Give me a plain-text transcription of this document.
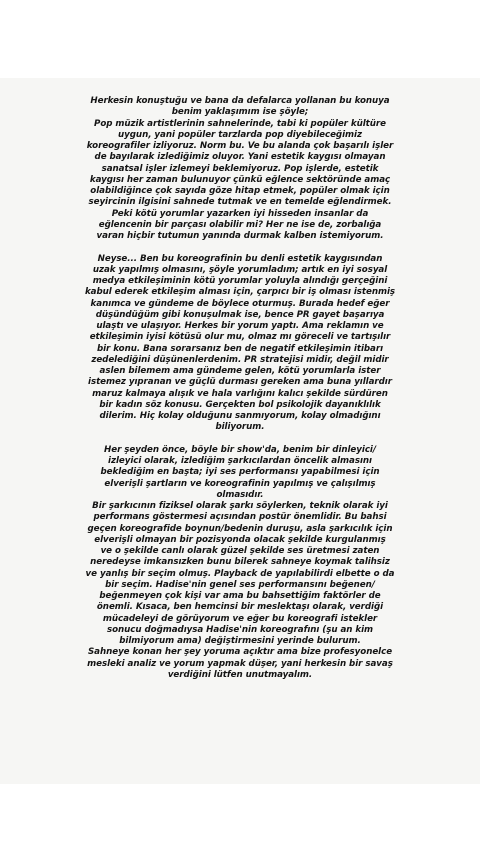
Herkesin konuştuğu ve bana da defalarca yollanan bu konuya
benim yaklaşımım ise şöyle;
Pop müzik artistlerinin sahnelerinde, tabi ki popüler kültüre
uygun, yani popüler tarzlarda pop diyebileceğimiz
koreografiler izliyoruz. Norm bu. Ve bu alanda çok başarılı işler
de bayılarak izlediğimiz oluyor. Yani estetik kaygısı olmayan
sanatsal işler izlemeyi beklemiyoruz. Pop işlerde, estetik
kaygısı her zaman bulunuyor çünkü eğlence sektöründe amaç
olabildiğince çok sayıda göze hitap etmek, popüler olmak için
seyircinin ilgisini sahnede tutmak ve en temelde eğlendirmek.
Peki kötü yorumlar yazarken iyi hisseden insanlar da
eğlencenin bir parçası olabilir mi? Her ne ise de, zorbalığa
varan hiçbir tutumun yanında durmak kalben istemiyorum.

Neyse... Ben bu koreografinin bu denli estetik kaygısından
uzak yapılmış olmasını, şöyle yorumladım; artık en iyi sosyal
medya etkileşiminin kötü yorumlar yoluyla alındığı gerçeğini
kabul ederek etkileşim alması için, çarpıcı bir iş olması istenmiş
kanımca ve gündeme de böylece oturmuş. Burada hedef eğer
düşündüğüm gibi konuşulmak ise, bence PR gayet başarıya
ulaştı ve ulaşıyor. Herkes bir yorum yaptı. Ama reklamın ve
etkileşimin iyisi kötüsü olur mu, olmaz mı göreceli ve tartışılır
bir konu. Bana sorarsanız ben de negatif etkileşimin itibarı
zedelediğini düşünenlerdenim. PR stratejisi midir, değil midir
aslen bilemem ama gündeme gelen, kötü yorumlarla ister
istemez yıpranan ve güçlü durması gereken ama buna yıllardır
maruz kalmaya alışık ve hala varlığını kalıcı şekilde sürdüren
bir kadın söz konusu. Gerçekten bol psikolojik dayanıklılık
dilerim. Hiç kolay olduğunu sanmıyorum, kolay olmadığını
biliyorum.

Her şeyden önce, böyle bir show'da, benim bir dinleyici/
izleyici olarak, izlediğim şarkıcılardan öncelik almasını
beklediğim en başta; iyi ses performansı yapabilmesi için
elverişli şartların ve koreografinin yapılmış ve çalışılmış
olmasıdır.
Bir şarkıcının fiziksel olarak şarkı söylerken, teknik olarak iyi
performans göstermesi açısından postür önemlidir. Bu bahsi
geçen koreografide boynun/bedenin duruşu, asla şarkıcılık için
elverişli olmayan bir pozisyonda olacak şekilde kurgulanmış
ve o şekilde canlı olarak güzel şekilde ses üretmesi zaten
neredeyse imkansızken bunu bilerek sahneye koymak talihsiz
ve yanlış bir seçim olmuş. Playback de yapılabilirdi elbette o da
bir seçim. Hadise'nin genel ses performansını beğenen/
beğenmeyen çok kişi var ama bu bahsettiğim faktörler de
önemli. Kısaca, ben hemcinsi bir meslektaşı olarak, verdiği
mücadeleyi de görüyorum ve eğer bu koreografi istekler
sonucu doğmadıysa Hadise'nin koreografını (şu an kim
bilmiyorum ama) değiştirmesini yerinde bulurum.
Sahneye konan her şey yoruma açıktır ama bize profesyonelce
mesleki analiz ve yorum yapmak düşer, yani herkesin bir savaş
verdiğini lütfen unutmayalım.
